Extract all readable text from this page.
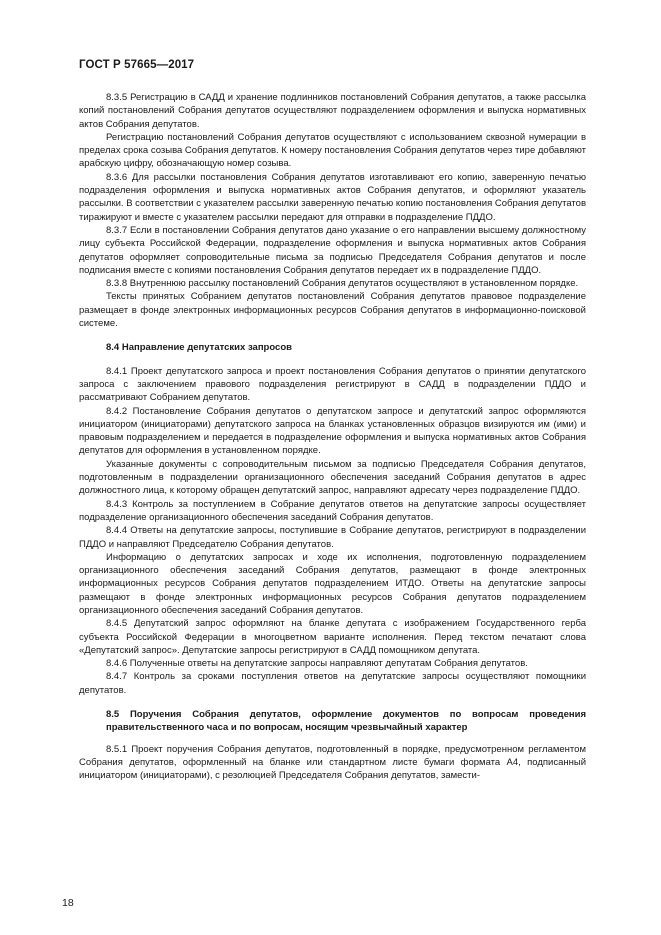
ГОСТ Р 57665—2017

8.3.5 Регистрацию в САДД и хранение подлинников постановлений Собрания депутатов, а также рассылка копий постановлений Собрания депутатов осуществляют подразделением оформления и выпуска нормативных актов Собрания депутатов.

Регистрацию постановлений Собрания депутатов осуществляют с использованием сквозной нумерации в пределах срока созыва Собрания депутатов. К номеру постановления Собрания депутатов через тире добавляют арабскую цифру, обозначающую номер созыва.

8.3.6 Для рассылки постановления Собрания депутатов изготавливают его копию, заверенную печатью подразделения оформления и выпуска нормативных актов Собрания депутатов, и оформляют указатель рассылки. В соответствии с указателем рассылки заверенную печатью копию постановления Собрания депутатов тиражируют и вместе с указателем рассылки передают для отправки в подразделение ПДДО.

8.3.7 Если в постановлении Собрания депутатов дано указание о его направлении высшему должностному лицу субъекта Российской Федерации, подразделение оформления и выпуска нормативных актов Собрания депутатов оформляет сопроводительные письма за подписью Председателя Собрания депутатов и после подписания вместе с копиями постановления Собрания депутатов передает их в подразделение ПДДО.

8.3.8 Внутреннюю рассылку постановлений Собрания депутатов осуществляют в установленном порядке.

Тексты принятых Собранием депутатов постановлений Собрания депутатов правовое подразделение размещает в фонде электронных информационных ресурсов Собрания депутатов в информационно-поисковой системе.

8.4 Направление депутатских запросов

8.4.1 Проект депутатского запроса и проект постановления Собрания депутатов о принятии депутатского запроса с заключением правового подразделения регистрируют в САДД в подразделении ПДДО и рассматривают Собранием депутатов.

8.4.2 Постановление Собрания депутатов о депутатском запросе и депутатский запрос оформляются инициатором (инициаторами) депутатского запроса на бланках установленных образцов визируются им (ими) и правовым подразделением и передается в подразделение оформления и выпуска нормативных актов Собрания депутатов для оформления в установленном порядке.

Указанные документы с сопроводительным письмом за подписью Председателя Собрания депутатов, подготовленным в подразделении организационного обеспечения заседаний Собрания депутатов в адрес должностного лица, к которому обращен депутатский запрос, направляют адресату через подразделение ПДДО.

8.4.3 Контроль за поступлением в Собрание депутатов ответов на депутатские запросы осуществляет подразделение организационного обеспечения заседаний Собрания депутатов.

8.4.4 Ответы на депутатские запросы, поступившие в Собрание депутатов, регистрируют в подразделении ПДДО и направляют Председателю Собрания депутатов.

Информацию о депутатских запросах и ходе их исполнения, подготовленную подразделением организационного обеспечения заседаний Собрания депутатов, размещают в фонде электронных информационных ресурсов Собрания депутатов подразделением ИТДО. Ответы на депутатские запросы размещают в фонде электронных информационных ресурсов Собрания депутатов подразделением организационного обеспечения заседаний Собрания депутатов.

8.4.5 Депутатский запрос оформляют на бланке депутата с изображением Государственного герба субъекта Российской Федерации в многоцветном варианте исполнения. Перед текстом печатают слова «Депутатский запрос». Депутатские запросы регистрируют в САДД помощником депутата.

8.4.6 Полученные ответы на депутатские запросы направляют депутатам Собрания депутатов.

8.4.7 Контроль за сроками поступления ответов на депутатские запросы осуществляют помощники депутатов.

8.5 Поручения Собрания депутатов, оформление документов по вопросам проведения правительственного часа и по вопросам, носящим чрезвычайный характер

8.5.1 Проект поручения Собрания депутатов, подготовленный в порядке, предусмотренном регламентом Собрания депутатов, оформленный на бланке или стандартном листе бумаги формата А4, подписанный инициатором (инициаторами), с резолюцией Председателя Собрания депутатов, замести-

18
